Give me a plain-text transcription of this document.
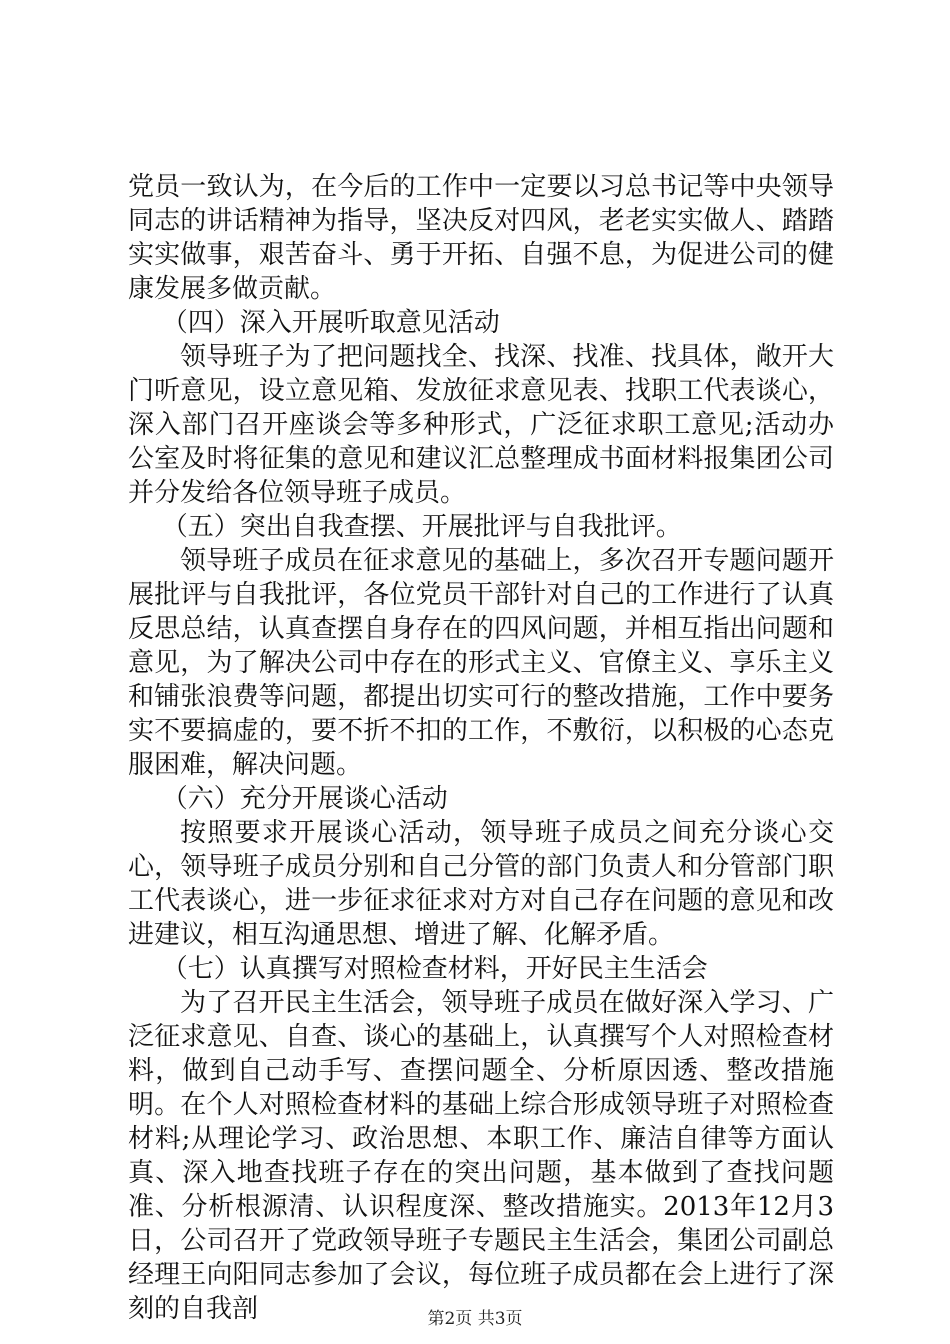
党员一致认为，在今后的工作中一定要以习总书记等中央领导同志的讲话精神为指导，坚决反对四风，老老实实做人、踏踏实实做事，艰苦奋斗、勇于开拓、自强不息，为促进公司的健康发展多做贡献。

（四）深入开展听取意见活动

领导班子为了把问题找全、找深、找准、找具体，敞开大门听意见，设立意见箱、发放征求意见表、找职工代表谈心，深入部门召开座谈会等多种形式，广泛征求职工意见;活动办公室及时将征集的意见和建议汇总整理成书面材料报集团公司并分发给各位领导班子成员。

（五）突出自我查摆、开展批评与自我批评。

领导班子成员在征求意见的基础上，多次召开专题问题开展批评与自我批评，各位党员干部针对自己的工作进行了认真反思总结，认真查摆自身存在的四风问题，并相互指出问题和意见，为了解决公司中存在的形式主义、官僚主义、享乐主义和铺张浪费等问题，都提出切实可行的整改措施，工作中要务实不要搞虚的，要不折不扣的工作，不敷衍，以积极的心态克服困难，解决问题。

（六）充分开展谈心活动

按照要求开展谈心活动，领导班子成员之间充分谈心交心，领导班子成员分别和自己分管的部门负责人和分管部门职工代表谈心，进一步征求征求对方对自己存在问题的意见和改进建议，相互沟通思想、增进了解、化解矛盾。

（七）认真撰写对照检查材料，开好民主生活会

为了召开民主生活会，领导班子成员在做好深入学习、广泛征求意见、自查、谈心的基础上，认真撰写个人对照检查材料，做到自己动手写、查摆问题全、分析原因透、整改措施明。在个人对照检查材料的基础上综合形成领导班子对照检查材料;从理论学习、政治思想、本职工作、廉洁自律等方面认真、深入地查找班子存在的突出问题，基本做到了查找问题准、分析根源清、认识程度深、整改措施实。2013年12月3日，公司召开了党政领导班子专题民主生活会，集团公司副总经理王向阳同志参加了会议，每位班子成员都在会上进行了深刻的自我剖	第2页 共3页
